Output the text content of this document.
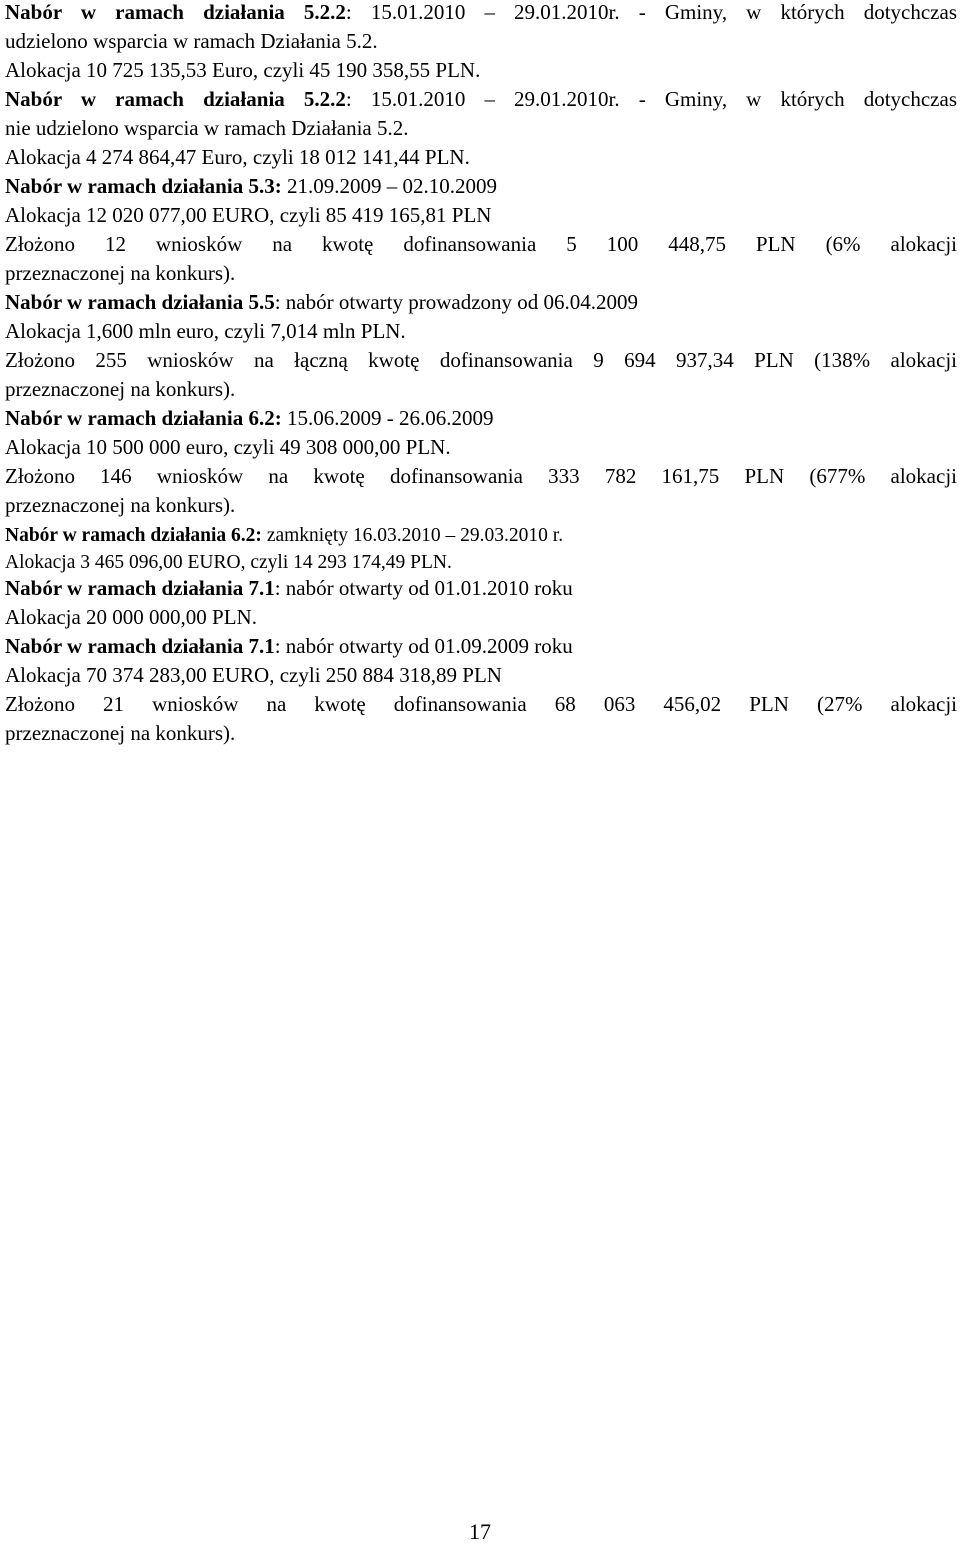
Nabór w ramach działania 5.2.2: 15.01.2010 – 29.01.2010r. - Gminy, w których dotychczas

udzielono wsparcia w ramach Działania 5.2.

Alokacja 10 725 135,53 Euro, czyli 45 190 358,55 PLN.

Nabór w ramach działania 5.2.2: 15.01.2010 – 29.01.2010r. - Gminy, w których dotychczas

nie udzielono wsparcia w ramach Działania 5.2.

Alokacja 4 274 864,47 Euro, czyli 18 012 141,44 PLN.

Nabór w ramach działania 5.3: 21.09.2009 – 02.10.2009

Alokacja 12 020 077,00 EURO, czyli 85 419 165,81 PLN

Złożono 12 wniosków na kwotę dofinansowania 5 100 448,75 PLN (6% alokacji

przeznaczonej na konkurs).

Nabór w ramach działania 5.5: nabór otwarty prowadzony od 06.04.2009

Alokacja 1,600 mln euro, czyli 7,014 mln PLN.

Złożono 255 wniosków na łączną kwotę dofinansowania 9 694 937,34 PLN (138% alokacji

przeznaczonej na konkurs).

Nabór w ramach działania 6.2: 15.06.2009 - 26.06.2009

Alokacja 10 500 000 euro, czyli 49 308 000,00 PLN.

Złożono 146 wniosków na kwotę dofinansowania 333 782 161,75 PLN (677% alokacji

przeznaczonej na konkurs).

Nabór w ramach działania 6.2: zamknięty 16.03.2010 – 29.03.2010 r.

Alokacja 3 465 096,00 EURO, czyli 14 293 174,49 PLN.

Nabór w ramach działania 7.1: nabór otwarty od 01.01.2010 roku

Alokacja 20 000 000,00 PLN.

Nabór w ramach działania 7.1: nabór otwarty od 01.09.2009 roku

Alokacja 70 374 283,00 EURO, czyli 250 884 318,89 PLN

Złożono 21 wniosków na kwotę dofinansowania 68 063 456,02 PLN (27% alokacji

przeznaczonej na konkurs).

17
